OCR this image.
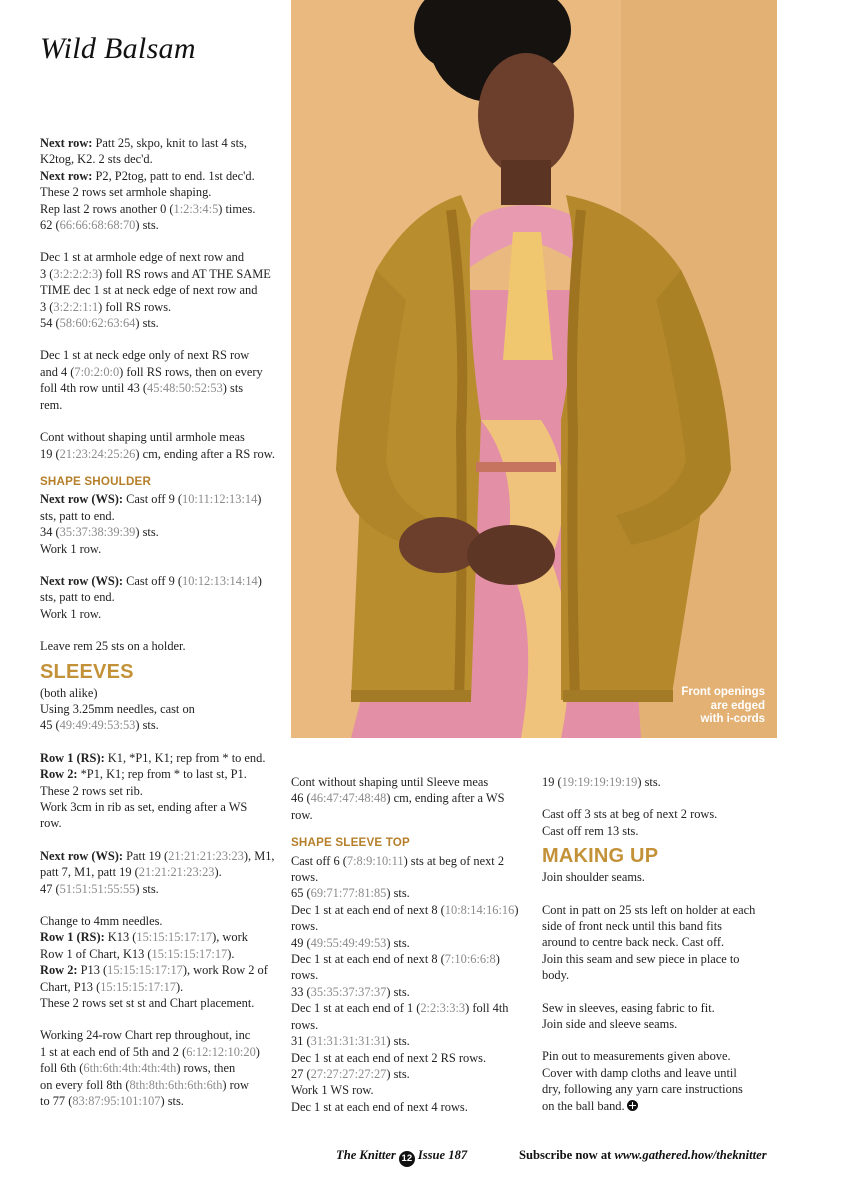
Wild Balsam

Next row: Patt 25, skpo, knit to last 4 sts,
K2tog, K2. 2 sts dec'd.
Next row: P2, P2tog, patt to end. 1st dec'd.
These 2 rows set armhole shaping.
Rep last 2 rows another 0 (1:2:3:4:5) times.
62 (66:66:68:68:70) sts.

Dec 1 st at armhole edge of next row and
3 (3:2:2:2:3) foll RS rows and AT THE SAME
TIME dec 1 st at neck edge of next row and
3 (3:2:2:1:1) foll RS rows.
54 (58:60:62:63:64) sts.

Dec 1 st at neck edge only of next RS row
and 4 (7:0:2:0:0) foll RS rows, then on every
foll 4th row until 43 (45:48:50:52:53) sts
rem.

Cont without shaping until armhole meas
19 (21:23:24:25:26) cm, ending after a RS row.

SHAPE SHOULDER

Next row (WS): Cast off 9 (10:11:12:13:14)
sts, patt to end.
34 (35:37:38:39:39) sts.
Work 1 row.

Next row (WS): Cast off 9 (10:12:13:14:14)
sts, patt to end.
Work 1 row.

Leave rem 25 sts on a holder.

SLEEVES

(both alike)
Using 3.25mm needles, cast on
45 (49:49:49:53:53) sts.

Row 1 (RS): K1, *P1, K1; rep from * to end.
Row 2: *P1, K1; rep from * to last st, P1.
These 2 rows set rib.
Work 3cm in rib as set, ending after a WS
row.

Next row (WS): Patt 19 (21:21:21:23:23), M1,
patt 7, M1, patt 19 (21:21:21:23:23).
47 (51:51:51:55:55) sts.

Change to 4mm needles.
Row 1 (RS): K13 (15:15:15:17:17), work
Row 1 of Chart, K13 (15:15:15:17:17).
Row 2: P13 (15:15:15:17:17), work Row 2 of
Chart, P13 (15:15:15:17:17).
These 2 rows set st st and Chart placement.

Working 24-row Chart rep throughout, inc
1 st at each end of 5th and 2 (6:12:12:10:20)
foll 6th (6th:6th:4th:4th:4th) rows, then
on every foll 8th (8th:8th:6th:6th:6th) row
to 77 (83:87:95:101:107) sts.

Front openings
are edged
with i-cords

Cont without shaping until Sleeve meas
46 (46:47:47:48:48) cm, ending after a WS
row.

SHAPE SLEEVE TOP

Cast off 6 (7:8:9:10:11) sts at beg of next 2
rows.
65 (69:71:77:81:85) sts.
Dec 1 st at each end of next 8 (10:8:14:16:16)
rows.
49 (49:55:49:49:53) sts.
Dec 1 st at each end of next 8 (7:10:6:6:8)
rows.
33 (35:35:37:37:37) sts.
Dec 1 st at each end of 1 (2:2:3:3:3) foll 4th
rows.
31 (31:31:31:31:31) sts.
Dec 1 st at each end of next 2 RS rows.
27 (27:27:27:27:27) sts.
Work 1 WS row.
Dec 1 st at each end of next 4 rows.

19 (19:19:19:19:19) sts.

Cast off 3 sts at beg of next 2 rows.
Cast off rem 13 sts.

MAKING UP

Join shoulder seams.

Cont in patt on 25 sts left on holder at each
side of front neck until this band fits
around to centre back neck. Cast off.
Join this seam and sew piece in place to
body.

Sew in sleeves, easing fabric to fit.
Join side and sleeve seams.

Pin out to measurements given above.
Cover with damp cloths and leave until
dry, following any yarn care instructions
on the ball band.

The Knitter 12 Issue 187	Subscribe now at www.gathered.how/theknitter
